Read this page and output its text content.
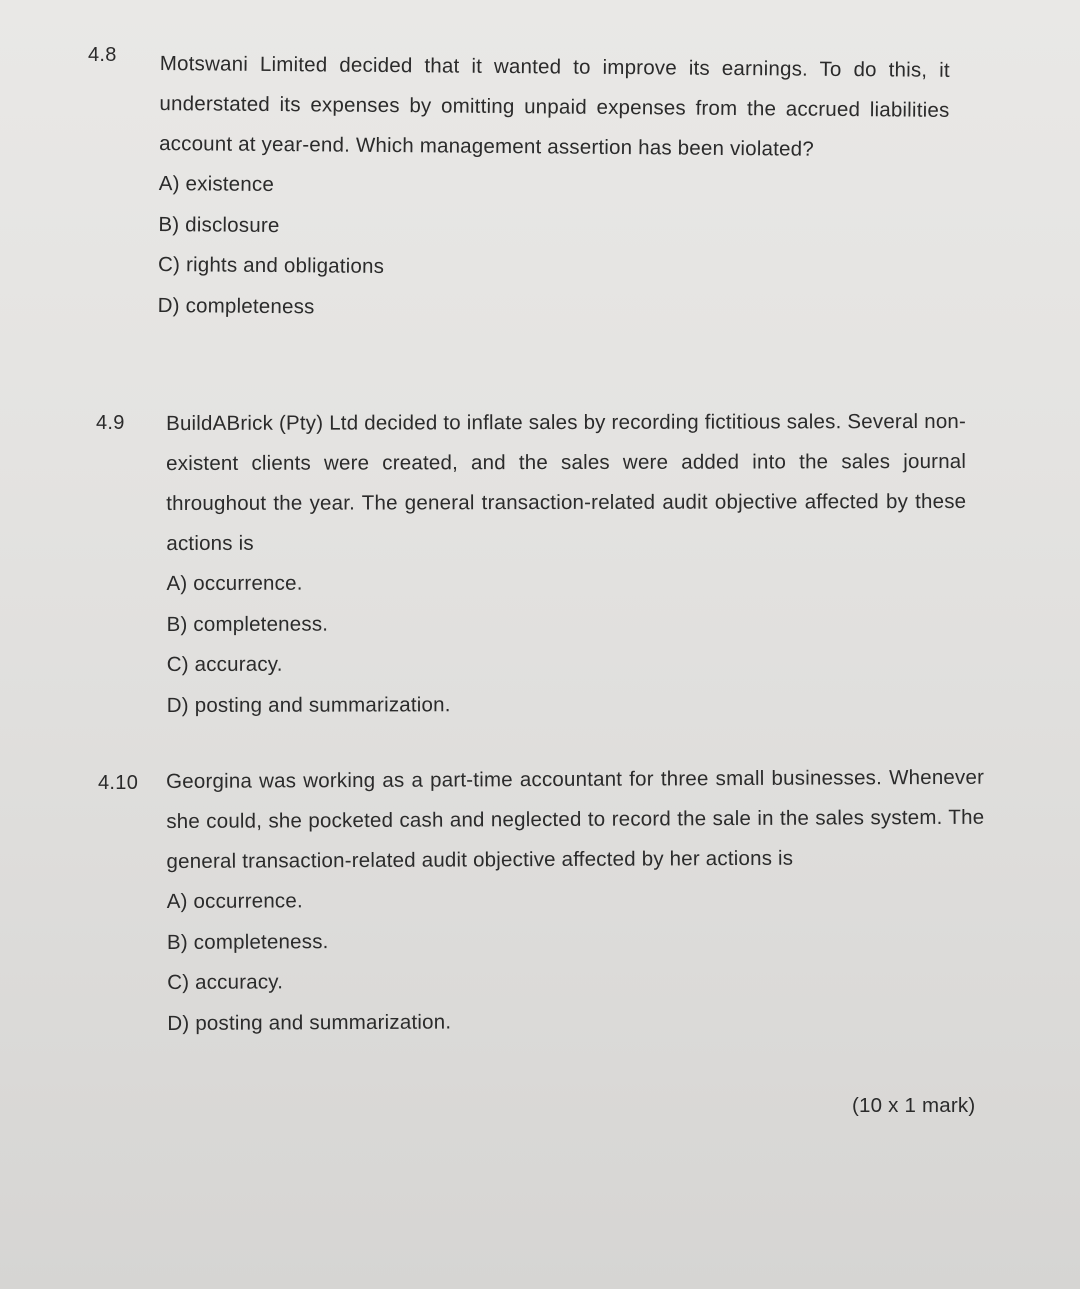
4.8 Motswani Limited decided that it wanted to improve its earnings. To do this, it understated its expenses by omitting unpaid expenses from the accrued liabilities account at year-end. Which management assertion has been violated?

A) existence
B) disclosure
C) rights and obligations
D) completeness
4.9 BuildABrick (Pty) Ltd decided to inflate sales by recording fictitious sales. Several non-existent clients were created, and the sales were added into the sales journal throughout the year. The general transaction-related audit objective affected by these actions is

A) occurrence.
B) completeness.
C) accuracy.
D) posting and summarization.
4.10 Georgina was working as a part-time accountant for three small businesses. Whenever she could, she pocketed cash and neglected to record the sale in the sales system. The general transaction-related audit objective affected by her actions is

A) occurrence.
B) completeness.
C) accuracy.
D) posting and summarization.
(10 x 1 mark)
